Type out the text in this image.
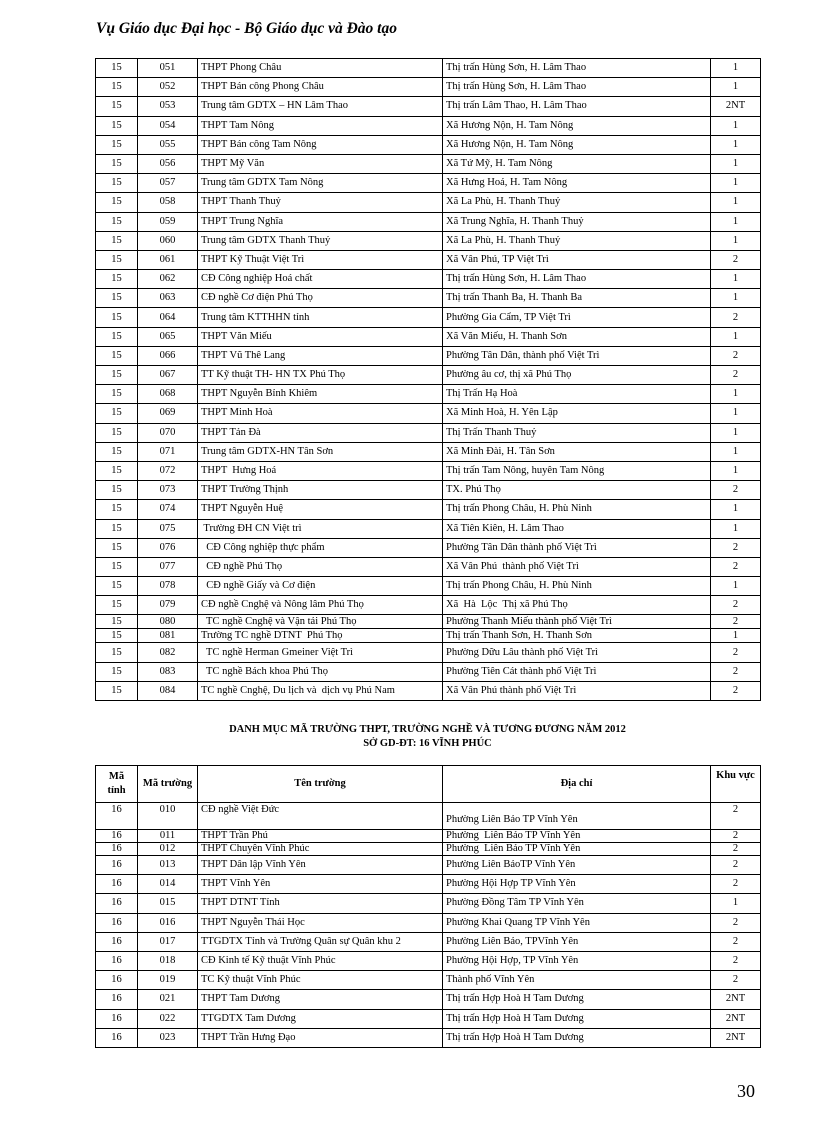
Vụ Giáo dục Đại học - Bộ Giáo dục và Đào tạo
15	051	THPT Phong Châu	Thị trấn Hùng Sơn, H. Lâm Thao	1
15	052	THPT Bán công Phong Châu	Thị trấn Hùng Sơn, H. Lâm Thao	1
15	053	Trung tâm GDTX – HN Lâm Thao	Thị trấn Lâm Thao, H. Lâm Thao	2NT
15	054	THPT Tam Nông	Xã Hương Nộn, H. Tam Nông	1
15	055	THPT Bán công Tam Nông	Xã Hương Nộn, H. Tam Nông	1
15	056	THPT Mỹ Văn	Xã Tứ Mỹ, H. Tam Nông	1
15	057	Trung tâm GDTX Tam Nông	Xã Hưng Hoá, H. Tam Nông	1
15	058	THPT Thanh Thuỷ	Xã La Phù, H. Thanh Thuỷ	1
15	059	THPT Trung Nghĩa	Xã Trung Nghĩa, H. Thanh Thuỷ	1
15	060	Trung tâm GDTX Thanh Thuỷ	Xã La Phù, H. Thanh Thuỷ	1
15	061	THPT Kỹ Thuật Việt Trì	Xã Vân Phú, TP Việt Trì	2
15	062	CĐ Công nghiệp Hoá chất	Thị trấn Hùng Sơn, H. Lâm Thao	1
15	063	CĐ nghề Cơ điện Phú Thọ	Thị trấn Thanh Ba, H. Thanh Ba	1
15	064	Trung tâm KTTHHN tỉnh	Phường Gia Cẩm, TP Việt Trì	2
15	065	THPT Văn Miếu	Xã Văn Miếu, H. Thanh Sơn	1
15	066	THPT Vũ Thê Lang	Phường Tân Dân, thành phố Việt Trì	2
15	067	TT Kỹ thuật TH- HN TX Phú Thọ	Phường âu cơ, thị xã Phú Thọ	2
15	068	THPT Nguyễn Bỉnh Khiêm	Thị Trấn Hạ Hoà	1
15	069	THPT Minh Hoà	Xã Minh Hoà, H. Yên Lập	1
15	070	THPT Tản Đà	Thị Trấn Thanh Thuỷ	1
15	071	Trung tâm GDTX-HN Tân Sơn	Xã Minh Đài, H. Tân Sơn	1
15	072	THPT  Hưng Hoá	Thị trấn Tam Nông, huyên Tam Nông	1
15	073	THPT Trường Thịnh	TX. Phú Thọ	2
15	074	THPT Nguyễn Huệ	Thị trấn Phong Châu, H. Phù Ninh	1
15	075	Trường ĐH CN Việt trì	Xã Tiên Kiên, H. Lâm Thao	1
15	076	CĐ Công nghiệp thực phẩm	Phường Tân Dân thành phố Việt Trì	2
15	077	CĐ nghề Phú Thọ	Xã Vân Phú  thành phố Việt Trì	2
15	078	CĐ nghề Giấy và Cơ điện	Thị trấn Phong Châu, H. Phù Ninh	1
15	079	CĐ nghề Cnghệ và Nông lâm Phú Thọ	Xã  Hà  Lộc  Thị xã Phú Thọ	2
15	080	TC nghề Cnghệ và Vận tải Phú Thọ	Phường Thanh Miếu thành phố Việt Trì	2
15	081	Trường TC nghề DTNT  Phú Thọ	Thị trấn Thanh Sơn, H. Thanh Sơn	1
15	082	TC nghề Herman Gmeiner Việt Trì	Phường Dữu Lâu thành phố Việt Trì	2
15	083	TC nghề Bách khoa Phú Thọ	Phường Tiên Cát thành phố Việt Trì	2
15	084	TC nghề Cnghệ, Du lịch và  dịch vụ Phú Nam	Xã Vân Phú thành phố Việt Trì	2
DANH MỤC MÃ TRƯỜNG THPT, TRƯỜNG NGHỀ VÀ TƯƠNG ĐƯƠNG NĂM 2012
SỞ GD-ĐT: 16 VĨNH PHÚC
Mã tỉnh	Mã trường	Tên trường	Địa chỉ	Khu vực
16	010	CĐ nghề Việt Đức	Phường Liên Bảo TP Vĩnh Yên	2
16	011	THPT Trần Phú	Phường  Liên Bảo TP Vĩnh Yên	2
16	012	THPT Chuyên Vĩnh Phúc	Phường  Liên Bảo TP Vĩnh Yên	2
16	013	THPT Dân lập Vĩnh Yên	Phường Liên BảoTP Vĩnh Yên	2
16	014	THPT Vĩnh Yên	Phường Hội Hợp TP Vĩnh Yên	2
16	015	THPT DTNT Tỉnh	Phường Đồng Tâm TP Vĩnh Yên	1
16	016	THPT Nguyễn Thái Học	Phường Khai Quang TP Vĩnh Yên	2
16	017	TTGDTX Tỉnh và Trường Quân sự Quân khu 2	Phường Liên Bảo, TPVĩnh Yên	2
16	018	CĐ Kinh tế Kỹ thuật Vĩnh Phúc	Phường Hội Hợp, TP Vĩnh Yên	2
16	019	TC Kỹ thuật Vĩnh Phúc	Thành phố Vĩnh Yên	2
16	021	THPT Tam Dương	Thị trấn Hợp Hoà H Tam Dương	2NT
16	022	TTGDTX Tam Dương	Thị trấn Hợp Hoà H Tam Dương	2NT
16	023	THPT Trần Hưng Đạo	Thị trấn Hợp Hoà H Tam Dương	2NT
30
